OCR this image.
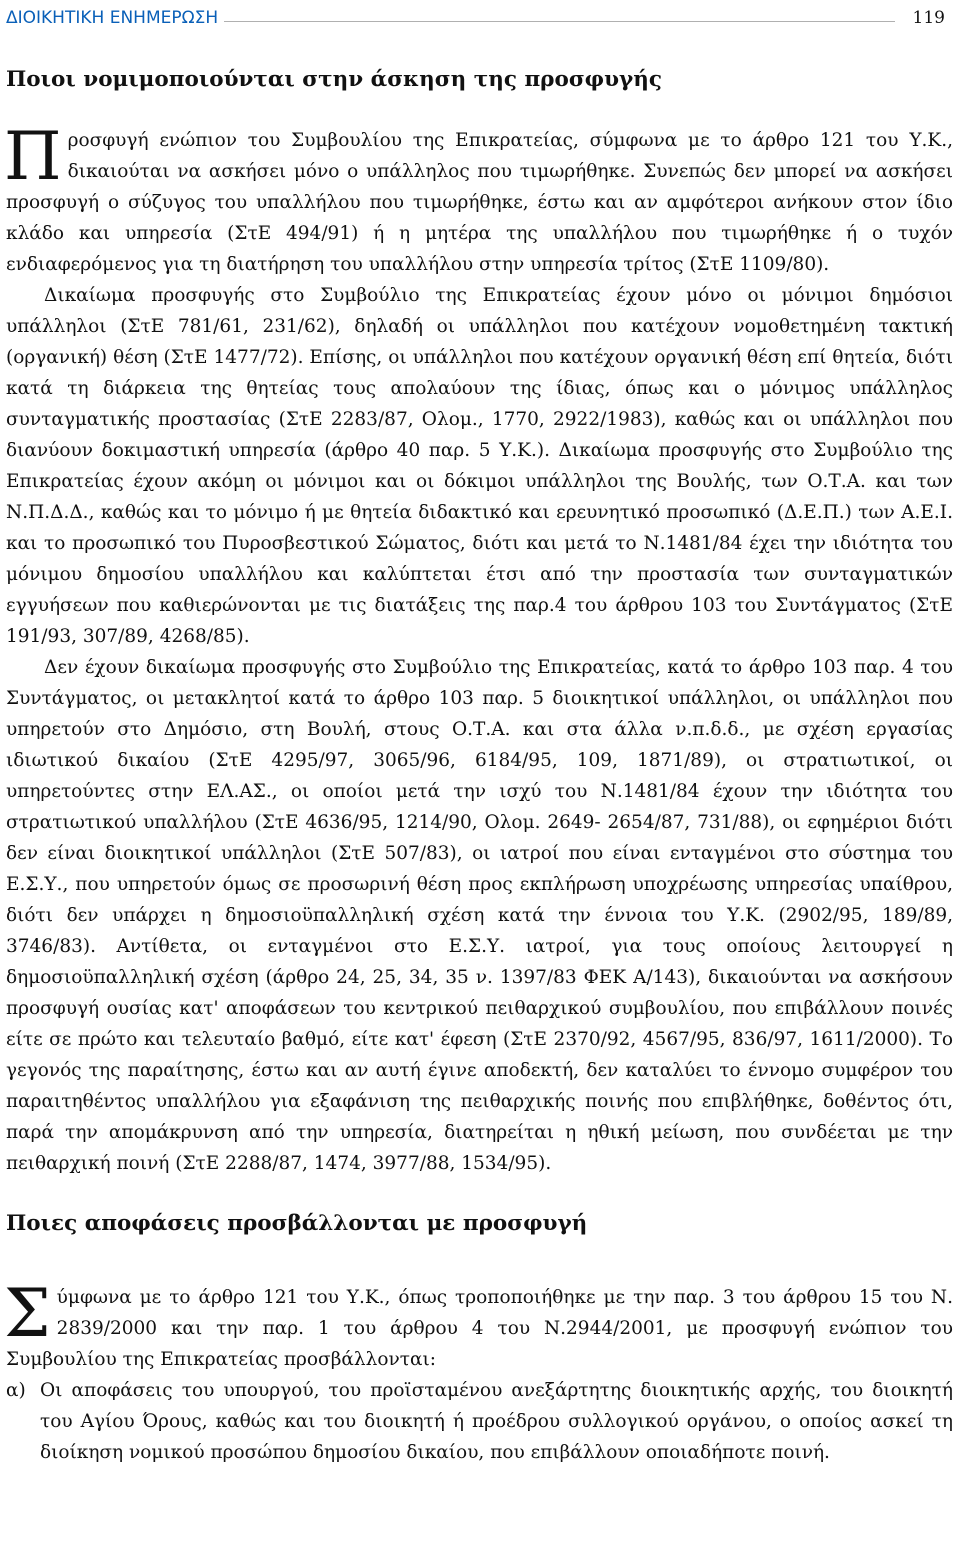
ΔΙΟΙΚΗΤΙΚΗ ΕΝΗΜΕΡΩΣΗ	119
Ποιοι νομιμοποιούνται στην άσκηση της προσφυγής

Προσφυγή ενώπιον του Συμβουλίου της Επικρατείας, σύμφωνα με το άρθρο 121 του Υ.Κ., δικαιούται να ασκήσει μόνο ο υπάλληλος που τιμωρήθηκε. Συνεπώς δεν μπορεί να ασκήσει προσφυγή ο σύζυγος του υπαλλήλου που τιμωρήθηκε, έστω και αν αμφότεροι ανήκουν στον ίδιο κλάδο και υπηρεσία (ΣτΕ 494/91) ή η μητέρα της υπαλλήλου που τιμωρήθηκε ή ο τυχόν ενδιαφερόμενος για τη διατήρηση του υπαλλήλου στην υπηρεσία τρίτος (ΣτΕ 1109/80).

Δικαίωμα προσφυγής στο Συμβούλιο της Επικρατείας έχουν μόνο οι μόνιμοι δημόσιοι υπάλληλοι (ΣτΕ 781/61, 231/62), δηλαδή οι υπάλληλοι που κατέχουν νομοθετημένη τακτική (οργανική) θέση (ΣτΕ 1477/72). Επίσης, οι υπάλληλοι που κατέχουν οργανική θέση επί θητεία, διότι κατά τη διάρκεια της θητείας τους απολαύουν της ίδιας, όπως και ο μόνιμος υπάλληλος συνταγματικής προστασίας (ΣτΕ 2283/87, Ολομ., 1770, 2922/1983), καθώς και οι υπάλληλοι που διανύουν δοκιμαστική υπηρεσία (άρθρο 40 παρ. 5 Υ.Κ.). Δικαίωμα προσφυγής στο Συμβούλιο της Επικρατείας έχουν ακόμη οι μόνιμοι και οι δόκιμοι υπάλληλοι της Βουλής, των Ο.Τ.Α. και των Ν.Π.Δ.Δ., καθώς και το μόνιμο ή με θητεία διδακτικό και ερευνητικό προσωπικό (Δ.Ε.Π.) των Α.Ε.Ι. και το προσωπικό του Πυροσβεστικού Σώματος, διότι και μετά το Ν.1481/84 έχει την ιδιότητα του μόνιμου δημοσίου υπαλλήλου και καλύπτεται έτσι από την προστασία των συνταγματικών εγγυήσεων που καθιερώνονται με τις διατάξεις της παρ.4 του άρθρου 103 του Συντάγματος (ΣτΕ 191/93, 307/89, 4268/85).

Δεν έχουν δικαίωμα προσφυγής στο Συμβούλιο της Επικρατείας, κατά το άρθρο 103 παρ. 4 του Συντάγματος, οι μετακλητοί κατά το άρθρο 103 παρ. 5 διοικητικοί υπάλληλοι, οι υπάλληλοι που υπηρετούν στο Δημόσιο, στη Βουλή, στους Ο.Τ.Α. και στα άλλα ν.π.δ.δ., με σχέση εργασίας ιδιωτικού δικαίου (ΣτΕ 4295/97, 3065/96, 6184/95, 109, 1871/89), οι στρατιωτικοί, οι υπηρετούντες στην ΕΛ.ΑΣ., οι οποίοι μετά την ισχύ του Ν.1481/84 έχουν την ιδιότητα του στρατιωτικού υπαλλήλου (ΣτΕ 4636/95, 1214/90, Ολομ. 2649- 2654/87, 731/88), οι εφημέριοι διότι δεν είναι διοικητικοί υπάλληλοι (ΣτΕ 507/83), οι ιατροί που είναι ενταγμένοι στο σύστημα του Ε.Σ.Υ., που υπηρετούν όμως σε προσωρινή θέση προς εκπλήρωση υποχρέωσης υπηρεσίας υπαίθρου, διότι δεν υπάρχει η δημοσιοϋπαλληλική σχέση κατά την έννοια του Υ.Κ. (2902/95, 189/89, 3746/83). Αντίθετα, οι ενταγμένοι στο Ε.Σ.Υ. ιατροί, για τους οποίους λειτουργεί η δημοσιοϋπαλληλική σχέση (άρθρο 24, 25, 34, 35 ν. 1397/83 ΦΕΚ Α/143), δικαιούνται να ασκήσουν προσφυγή ουσίας κατ' αποφάσεων του κεντρικού πειθαρχικού συμβουλίου, που επιβάλλουν ποινές είτε σε πρώτο και τελευταίο βαθμό, είτε κατ' έφεση (ΣτΕ 2370/92, 4567/95, 836/97, 1611/2000). Το γεγονός της παραίτησης, έστω και αν αυτή έγινε αποδεκτή, δεν καταλύει το έννομο συμφέρον του παραιτηθέντος υπαλλήλου για εξαφάνιση της πειθαρχικής ποινής που επιβλήθηκε, δοθέντος ότι, παρά την απομάκρυνση από την υπηρεσία, διατηρείται η ηθική μείωση, που συνδέεται με την πειθαρχική ποινή (ΣτΕ 2288/87, 1474, 3977/88, 1534/95).

Ποιες αποφάσεις προσβάλλονται με προσφυγή

Σύμφωνα με το άρθρο 121 του Υ.Κ., όπως τροποποιήθηκε με την παρ. 3 του άρθρου 15 του Ν. 2839/2000 και την παρ. 1 του άρθρου 4 του Ν.2944/2001, με προσφυγή ενώπιον του Συμβουλίου της Επικρατείας προσβάλλονται:

α) Οι αποφάσεις του υπουργού, του προϊσταμένου ανεξάρτητης διοικητικής αρχής, του διοικητή του Αγίου Όρους, καθώς και του διοικητή ή προέδρου συλλογικού οργάνου, ο οποίος ασκεί τη διοίκηση νομικού προσώπου δημοσίου δικαίου, που επιβάλλουν οποιαδήποτε ποινή.
